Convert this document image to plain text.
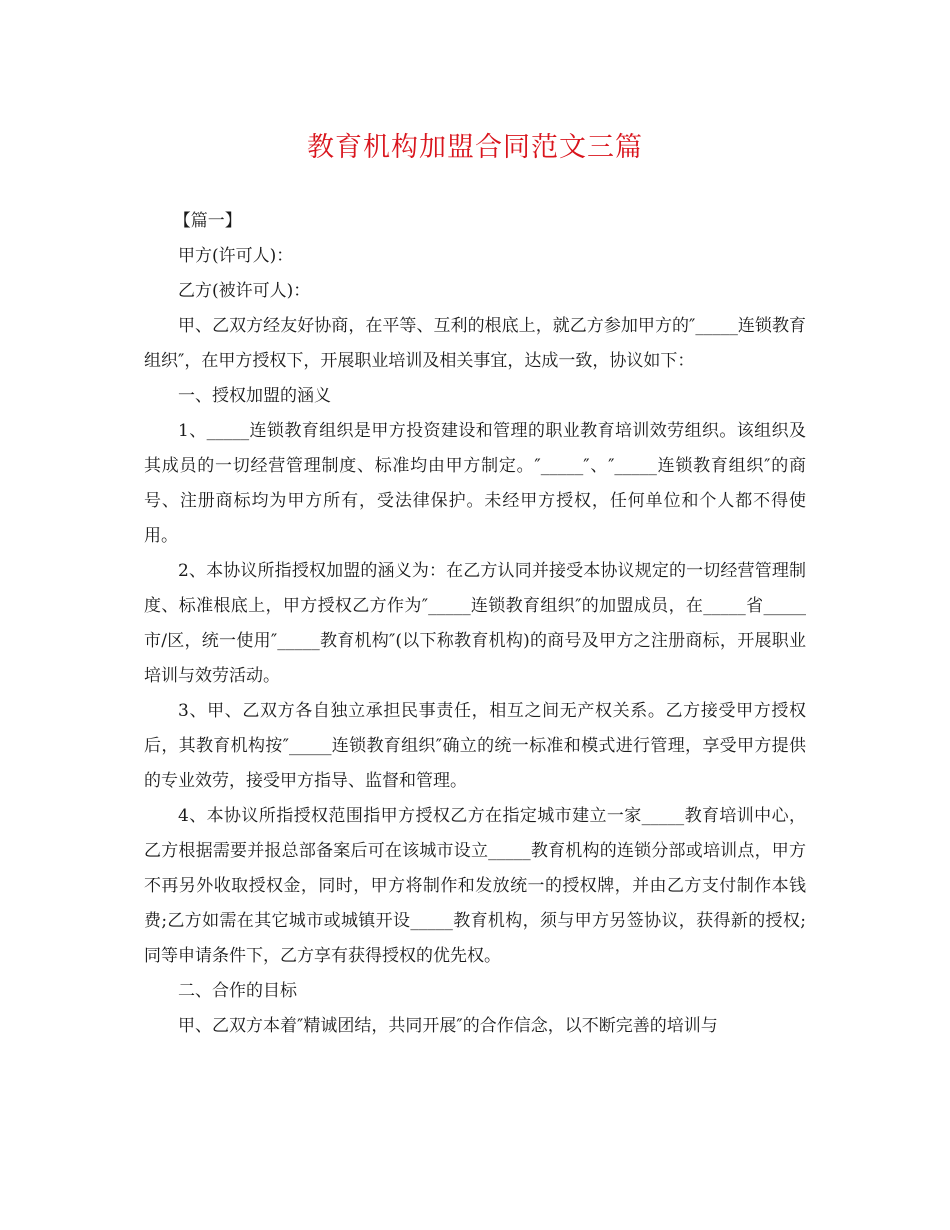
教育机构加盟合同范文三篇

【篇一】

甲方(许可人)：

乙方(被许可人)：

甲、乙双方经友好协商，在平等、互利的根底上，就乙方参加甲方的″_____连锁教育组织″，在甲方授权下，开展职业培训及相关事宜，达成一致，协议如下：

一、授权加盟的涵义

1、_____连锁教育组织是甲方投资建设和管理的职业教育培训效劳组织。该组织及其成员的一切经营管理制度、标准均由甲方制定。″_____″、″_____连锁教育组织″的商号、注册商标均为甲方所有，受法律保护。未经甲方授权，任何单位和个人都不得使用。

2、本协议所指授权加盟的涵义为：在乙方认同并接受本协议规定的一切经营管理制度、标准根底上，甲方授权乙方作为″_____连锁教育组织″的加盟成员，在_____省_____市/区，统一使用″_____教育机构″(以下称教育机构)的商号及甲方之注册商标，开展职业培训与效劳活动。

3、甲、乙双方各自独立承担民事责任，相互之间无产权关系。乙方接受甲方授权后，其教育机构按″_____连锁教育组织″确立的统一标准和模式进行管理，享受甲方提供的专业效劳，接受甲方指导、监督和管理。

4、本协议所指授权范围指甲方授权乙方在指定城市建立一家_____教育培训中心，乙方根据需要并报总部备案后可在该城市设立_____教育机构的连锁分部或培训点，甲方不再另外收取授权金，同时，甲方将制作和发放统一的授权牌，并由乙方支付制作本钱费;乙方如需在其它城市或城镇开设_____教育机构，须与甲方另签协议，获得新的授权;同等申请条件下，乙方享有获得授权的优先权。

二、合作的目标

甲、乙双方本着″精诚团结，共同开展″的合作信念，以不断完善的培训与
